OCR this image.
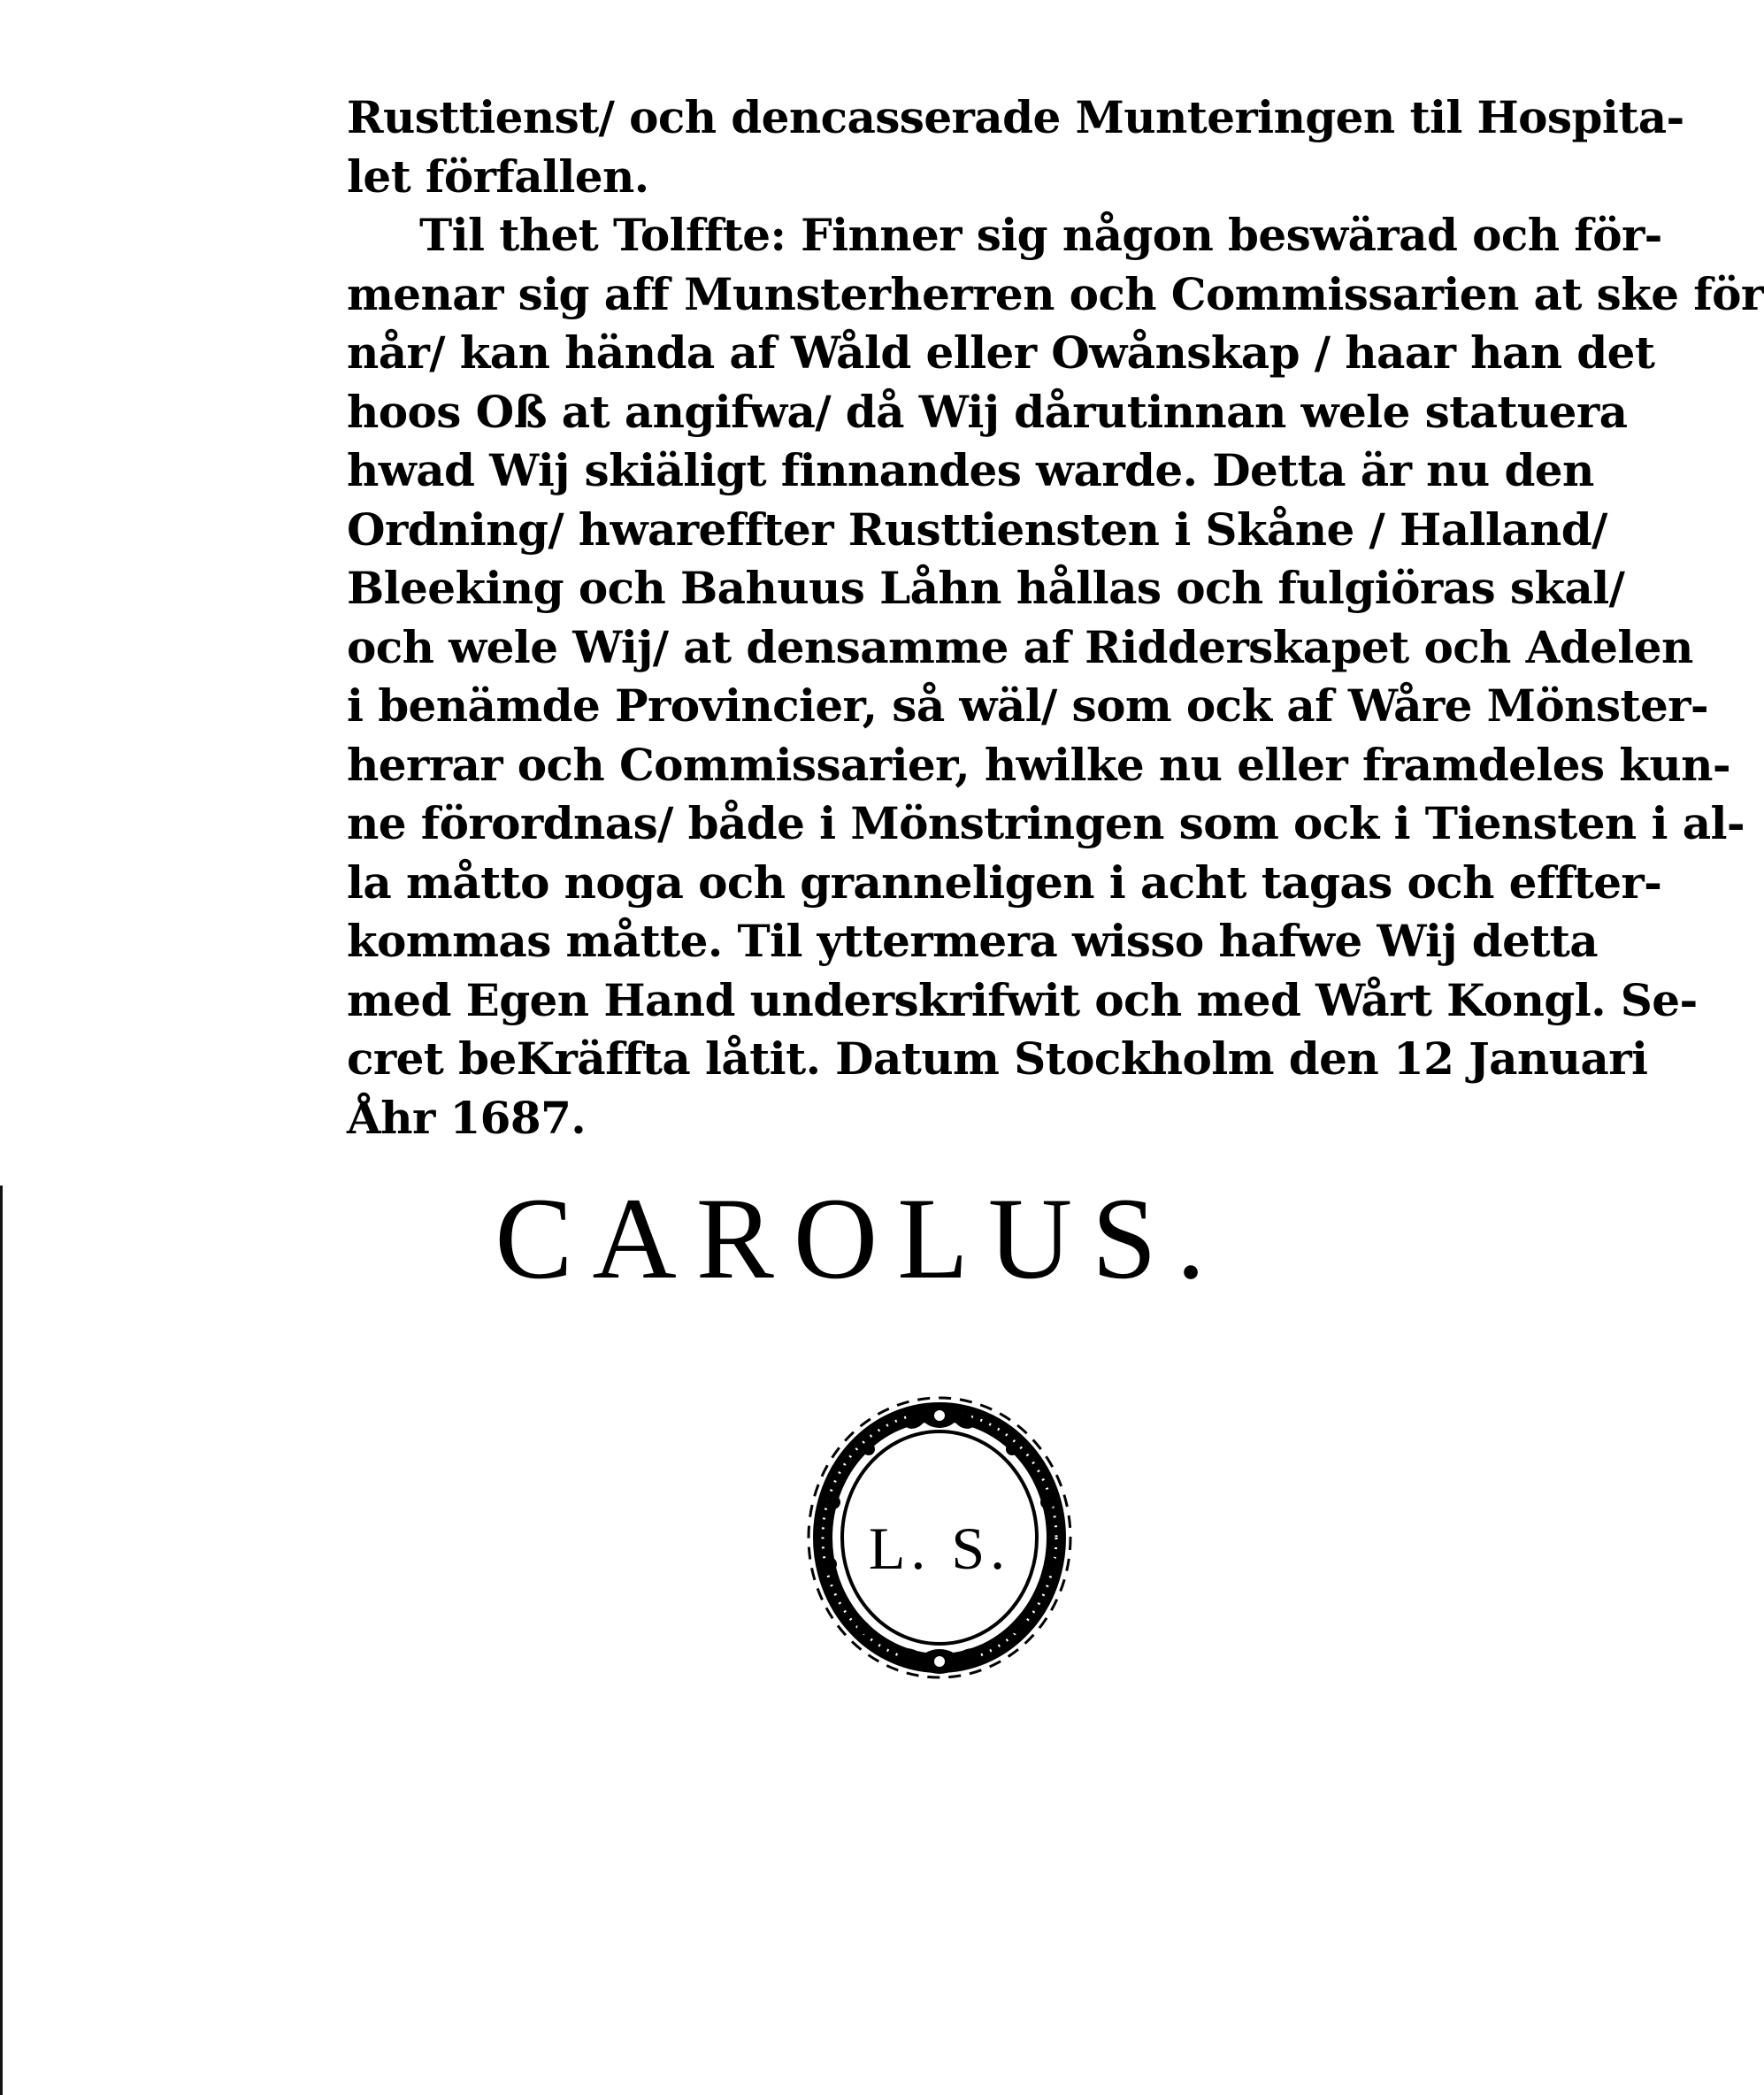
Rusttienst/ och dencasserade Munteringen til Hospita-
let förfallen.
Til thet Tolffte: Finner sig någon beswärad och för-
menar sig aff Munsterherren och Commissarien at ske för
når/ kan hända af Wåld eller Owånskap / haar han det
hoos Oß at angifwa/ då Wij dårutinnan wele statuera
hwad Wij skiäligt finnandes warde. Detta är nu den
Ordning/ hwareffter Rusttiensten i Skåne / Halland/
Bleeking och Bahuus Låhn hållas och fulgiöras skal/
och wele Wij/ at densamme af Ridderskapet och Adelen
i benämde Provincier, så wäl/ som ock af Wåre Mönster-
herrar och Commissarier, hwilke nu eller framdeles kun-
ne förordnas/ både i Mönstringen som ock i Tiensten i al-
la måtto noga och granneligen i acht tagas och effter-
kommas måtte. Til yttermera wisso hafwe Wij detta
med Egen Hand underskrifwit och med Wårt Kongl. Se-
cret beKräffta låtit. Datum Stockholm den 12 Januari
Åhr 1687.
CAROLUS.
L. S.
